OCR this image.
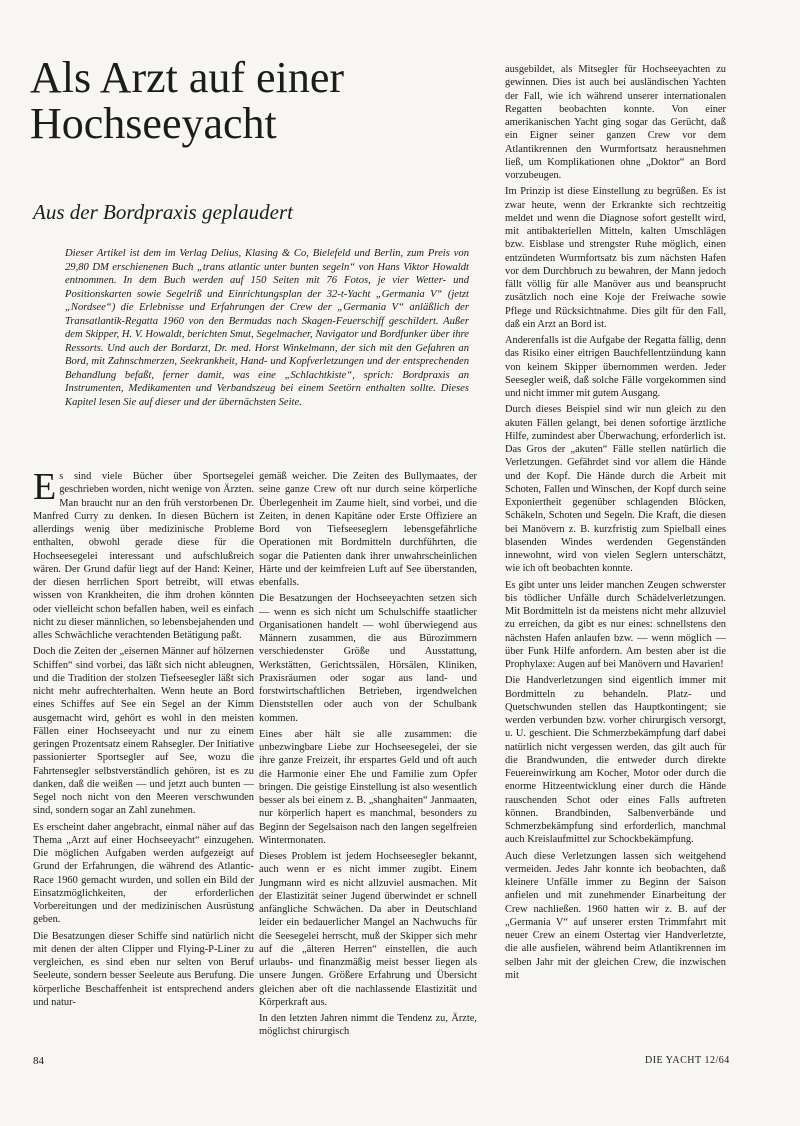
Als Arzt auf einer Hochseeyacht
Aus der Bordpraxis geplaudert

Dieser Artikel ist dem im Verlag Delius, Klasing & Co, Bielefeld und Berlin, zum Preis von 29,80 DM erschienenen Buch „trans atlantic unter bunten segeln“ von Hans Viktor Howaldt entnommen. In dem Buch werden auf 150 Seiten mit 76 Fotos, je vier Wetter- und Positionskarten sowie Segelriß und Einrichtungsplan der 32-t-Yacht „Germania V“ (jetzt „Nordsee“) die Erlebnisse und Erfahrungen der Crew der „Germania V“ anläßlich der Transatlantik-Regatta 1960 von den Bermudas nach Skagen-Feuerschiff geschildert. Außer dem Skipper, H. V. Howaldt, berichten Smut, Segelmacher, Navigator und Bordfunker über ihre Ressorts. Und auch der Bordarzt, Dr. med. Horst Winkelmann, der sich mit den Gefahren an Bord, mit Zahnschmerzen, Seekrankheit, Hand- und Kopfverletzungen und der entsprechenden Behandlung befaßt, ferner damit, was eine „Schlachtkiste“, sprich: Bordpraxis an Instrumenten, Medikamenten und Verbandszeug bei einem Seetörn enthalten sollte. Dieses Kapitel lesen Sie auf dieser und der übernächsten Seite.

Es sind viele Bücher über Sportsegelei geschrieben worden, nicht wenige von Ärzten. Man braucht nur an den früh verstorbenen Dr. Manfred Curry zu denken. In diesen Büchern ist allerdings wenig über medizinische Probleme enthalten, obwohl gerade diese für die Hochseesegelei interessant und aufschlußreich wären. Der Grund dafür liegt auf der Hand: Keiner, der diesen herrlichen Sport betreibt, will etwas wissen von Krankheiten, die ihm drohen könnten oder vielleicht schon befallen haben, weil es einfach nicht zu dieser männlichen, so lebensbejahenden und alles Schwächliche verachtenden Betätigung paßt.

Doch die Zeiten der „eisernen Männer auf hölzernen Schiffen“ sind vorbei, das läßt sich nicht ableugnen, und die Tradition der stolzen Tiefseesegler läßt sich nicht mehr aufrechterhalten. Wenn heute an Bord eines Schiffes auf See ein Segel an der Kimm ausgemacht wird, gehört es wohl in den meisten Fällen einer Hochseeyacht und nur zu einem geringen Prozentsatz einem Rahsegler. Der Initiative passionierter Sportsegler auf See, wozu die Fahrtensegler selbstverständlich gehören, ist es zu danken, daß die weißen — und jetzt auch bunten — Segel noch nicht von den Meeren verschwunden sind, sondern sogar an Zahl zunehmen.

Es erscheint daher angebracht, einmal näher auf das Thema „Arzt auf einer Hochseeyacht“ einzugehen. Die möglichen Aufgaben werden aufgezeigt auf Grund der Erfahrungen, die während des Atlantic-Race 1960 gemacht wurden, und sollen ein Bild der Einsatzmöglichkeiten, der erforderlichen Vorbereitungen und der medizinischen Ausrüstung geben.

Die Besatzungen dieser Schiffe sind natürlich nicht mit denen der alten Clipper und Flying-P-Liner zu vergleichen, es sind eben nur selten von Beruf Seeleute, sondern besser Seeleute aus Berufung. Die körperliche Beschaffenheit ist entsprechend anders und natur-

gemäß weicher. Die Zeiten des Bullymaates, der seine ganze Crew oft nur durch seine körperliche Überlegenheit im Zaume hielt, sind vorbei, und die Zeiten, in denen Kapitäne oder Erste Offiziere an Bord von Tiefseeseglern lebensgefährliche Operationen mit Bordmitteln durchführten, die sogar die Patienten dank ihrer unwahrscheinlichen Härte und der keimfreien Luft auf See überstanden, ebenfalls.

Die Besatzungen der Hochseeyachten setzen sich — wenn es sich nicht um Schulschiffe staatlicher Organisationen handelt — wohl überwiegend aus Männern zusammen, die aus Bürozimmern verschiedenster Größe und Ausstattung, Werkstätten, Gerichtssälen, Hörsälen, Kliniken, Praxisräumen oder sogar aus land- und forstwirtschaftlichen Betrieben, irgendwelchen Dienststellen oder auch von der Schulbank kommen.

Eines aber hält sie alle zusammen: die unbezwingbare Liebe zur Hochseesegelei, der sie ihre ganze Freizeit, ihr erspartes Geld und oft auch die Harmonie einer Ehe und Familie zum Opfer bringen. Die geistige Einstellung ist also wesentlich besser als bei einem z. B. „shanghaiten“ Janmaaten, nur körperlich hapert es manchmal, besonders zu Beginn der Segelsaison nach den langen segelfreien Wintermonaten.

Dieses Problem ist jedem Hochseesegler bekannt, auch wenn er es nicht immer zugibt. Einem Jungmann wird es nicht allzuviel ausmachen. Mit der Elastizität seiner Jugend überwindet er schnell anfängliche Schwächen. Da aber in Deutschland leider ein bedauerlicher Mangel an Nachwuchs für die Seesegelei herrscht, muß der Skipper sich mehr auf die „älteren Herren“ einstellen, die auch urlaubs- und finanzmäßig meist besser liegen als unsere Jungen. Größere Erfahrung und Übersicht gleichen aber oft die nachlassende Elastizität und Körperkraft aus.

In den letzten Jahren nimmt die Tendenz zu, Ärzte, möglichst chirurgisch

ausgebildet, als Mitsegler für Hochseeyachten zu gewinnen. Dies ist auch bei ausländischen Yachten der Fall, wie ich während unserer internationalen Regatten beobachten konnte. Von einer amerikanischen Yacht ging sogar das Gerücht, daß ein Eigner seiner ganzen Crew vor dem Atlantikrennen den Wurmfortsatz herausnehmen ließ, um Komplikationen ohne „Doktor“ an Bord vorzubeugen.

Im Prinzip ist diese Einstellung zu begrüßen. Es ist zwar heute, wenn der Erkrankte sich rechtzeitig meldet und wenn die Diagnose sofort gestellt wird, mit antibakteriellen Mitteln, kalten Umschlägen bzw. Eisblase und strengster Ruhe möglich, einen entzündeten Wurmfortsatz bis zum nächsten Hafen vor dem Durchbruch zu bewahren, der Mann jedoch fällt völlig für alle Manöver aus und beansprucht zusätzlich noch eine Koje der Freiwache sowie Pflege und Rücksichtnahme. Dies gilt für den Fall, daß ein Arzt an Bord ist.

Anderenfalls ist die Aufgabe der Regatta fällig, denn das Risiko einer eitrigen Bauchfellentzündung kann von keinem Skipper übernommen werden. Jeder Seesegler weiß, daß solche Fälle vorgekommen sind und nicht immer mit gutem Ausgang.

Durch dieses Beispiel sind wir nun gleich zu den akuten Fällen gelangt, bei denen sofortige ärztliche Hilfe, zumindest aber Überwachung, erforderlich ist. Das Gros der „akuten“ Fälle stellen natürlich die Verletzungen. Gefährdet sind vor allem die Hände und der Kopf. Die Hände durch die Arbeit mit Schoten, Fallen und Winschen, der Kopf durch seine Exponiertheit gegenüber schlagenden Blöcken, Schäkeln, Schoten und Segeln. Die Kraft, die diesen bei Manövern z. B. kurzfristig zum Spielball eines blasenden Windes werdenden Gegenständen innewohnt, wird von vielen Seglern unterschätzt, wie ich oft beobachten konnte.

Es gibt unter uns leider manchen Zeugen schwerster bis tödlicher Unfälle durch Schädelverletzungen. Mit Bordmitteln ist da meistens nicht mehr allzuviel zu erreichen, da gibt es nur eines: schnellstens den nächsten Hafen anlaufen bzw. — wenn möglich — über Funk Hilfe anfordern. Am besten aber ist die Prophylaxe: Augen auf bei Manövern und Havarien!

Die Handverletzungen sind eigentlich immer mit Bordmitteln zu behandeln. Platz- und Quetschwunden stellen das Hauptkontingent; sie werden verbunden bzw. vorher chirurgisch versorgt, u. U. geschient. Die Schmerzbekämpfung darf dabei natürlich nicht vergessen werden, das gilt auch für die Brandwunden, die entweder durch direkte Feuereinwirkung am Kocher, Motor oder durch die enorme Hitzeentwicklung einer durch die Hände rauschenden Schot oder eines Falls auftreten können. Brandbinden, Salbenverbände und Schmerzbekämpfung sind erforderlich, manchmal auch Kreislaufmittel zur Schockbekämpfung.

Auch diese Verletzungen lassen sich weitgehend vermeiden. Jedes Jahr konnte ich beobachten, daß kleinere Unfälle immer zu Beginn der Saison anfielen und mit zunehmender Einarbeitung der Crew nachließen. 1960 hatten wir z. B. auf der „Germania V“ auf unserer ersten Trimmfahrt mit neuer Crew an einem Ostertag vier Handverletzte, die alle ausfielen, während beim Atlantikrennen im selben Jahr mit der gleichen Crew, die inzwischen mit

84	DIE YACHT 12/64
